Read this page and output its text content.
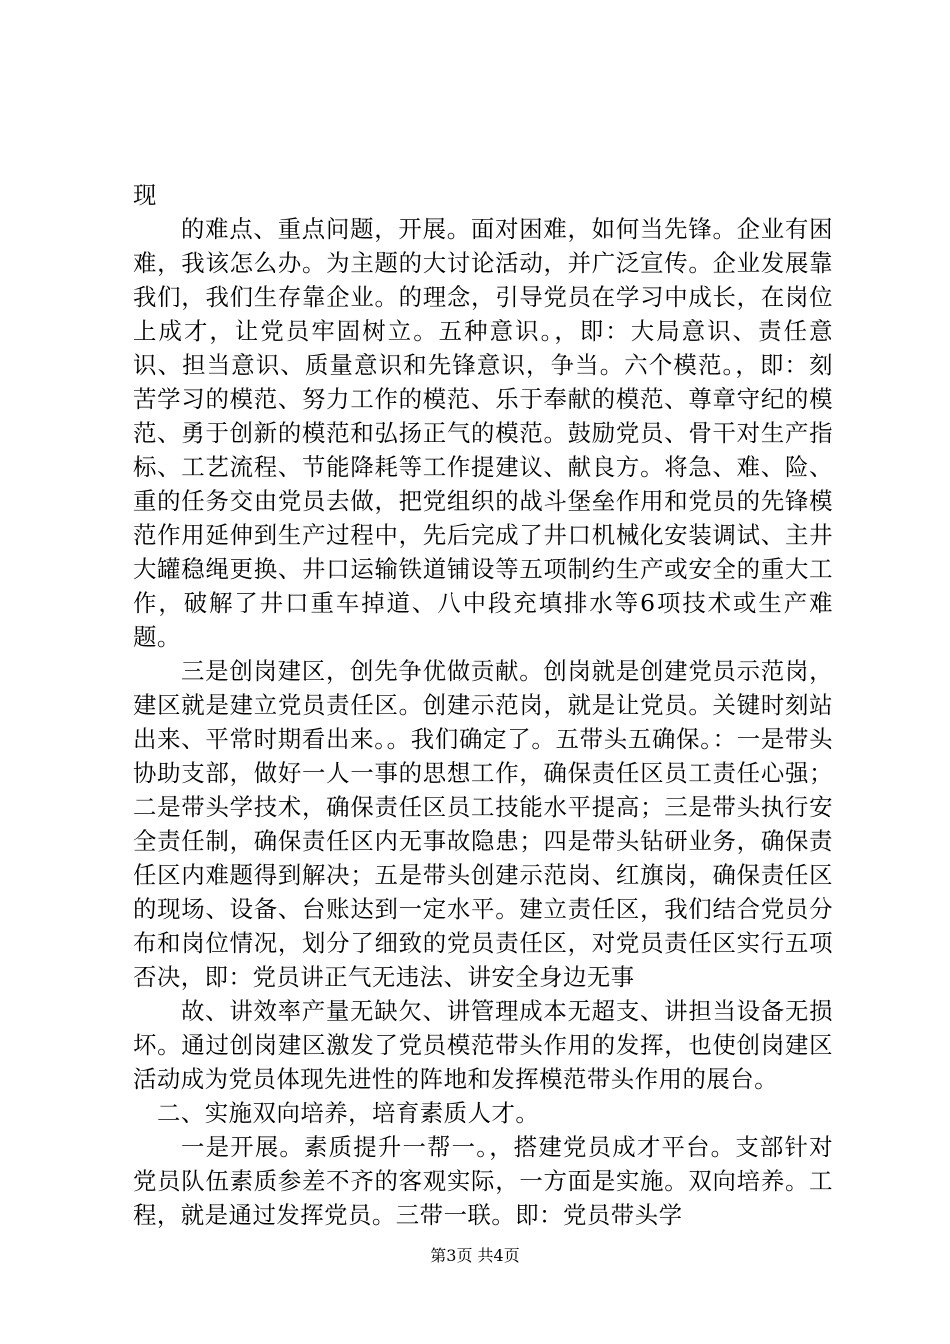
现

的难点、重点问题，开展。面对困难，如何当先锋。企业有困难，我该怎么办。为主题的大讨论活动，并广泛宣传。企业发展靠我们，我们生存靠企业。的理念，引导党员在学习中成长，在岗位上成才，让党员牢固树立。五种意识。，即：大局意识、责任意识、担当意识、质量意识和先锋意识，争当。六个模范。，即：刻苦学习的模范、努力工作的模范、乐于奉献的模范、尊章守纪的模范、勇于创新的模范和弘扬正气的模范。鼓励党员、骨干对生产指标、工艺流程、节能降耗等工作提建议、献良方。将急、难、险、重的任务交由党员去做，把党组织的战斗堡垒作用和党员的先锋模范作用延伸到生产过程中，先后完成了井口机械化安装调试、主井大罐稳绳更换、井口运输铁道铺设等五项制约生产或安全的重大工作，破解了井口重车掉道、八中段充填排水等6项技术或生产难题。

三是创岗建区，创先争优做贡献。创岗就是创建党员示范岗，建区就是建立党员责任区。创建示范岗，就是让党员。关键时刻站出来、平常时期看出来。。我们确定了。五带头五确保。：一是带头协助支部，做好一人一事的思想工作，确保责任区员工责任心强；二是带头学技术，确保责任区员工技能水平提高；三是带头执行安全责任制，确保责任区内无事故隐患；四是带头钻研业务，确保责任区内难题得到解决；五是带头创建示范岗、红旗岗，确保责任区的现场、设备、台账达到一定水平。建立责任区，我们结合党员分布和岗位情况，划分了细致的党员责任区，对党员责任区实行五项否决，即：党员讲正气无违法、讲安全身边无事

故、讲效率产量无缺欠、讲管理成本无超支、讲担当设备无损坏。通过创岗建区激发了党员模范带头作用的发挥，也使创岗建区活动成为党员体现先进性的阵地和发挥模范带头作用的展台。

二、实施双向培养，培育素质人才。

一是开展。素质提升一帮一。，搭建党员成才平台。支部针对党员队伍素质参差不齐的客观实际，一方面是实施。双向培养。工程，就是通过发挥党员。三带一联。即：党员带头学

第3页 共4页
